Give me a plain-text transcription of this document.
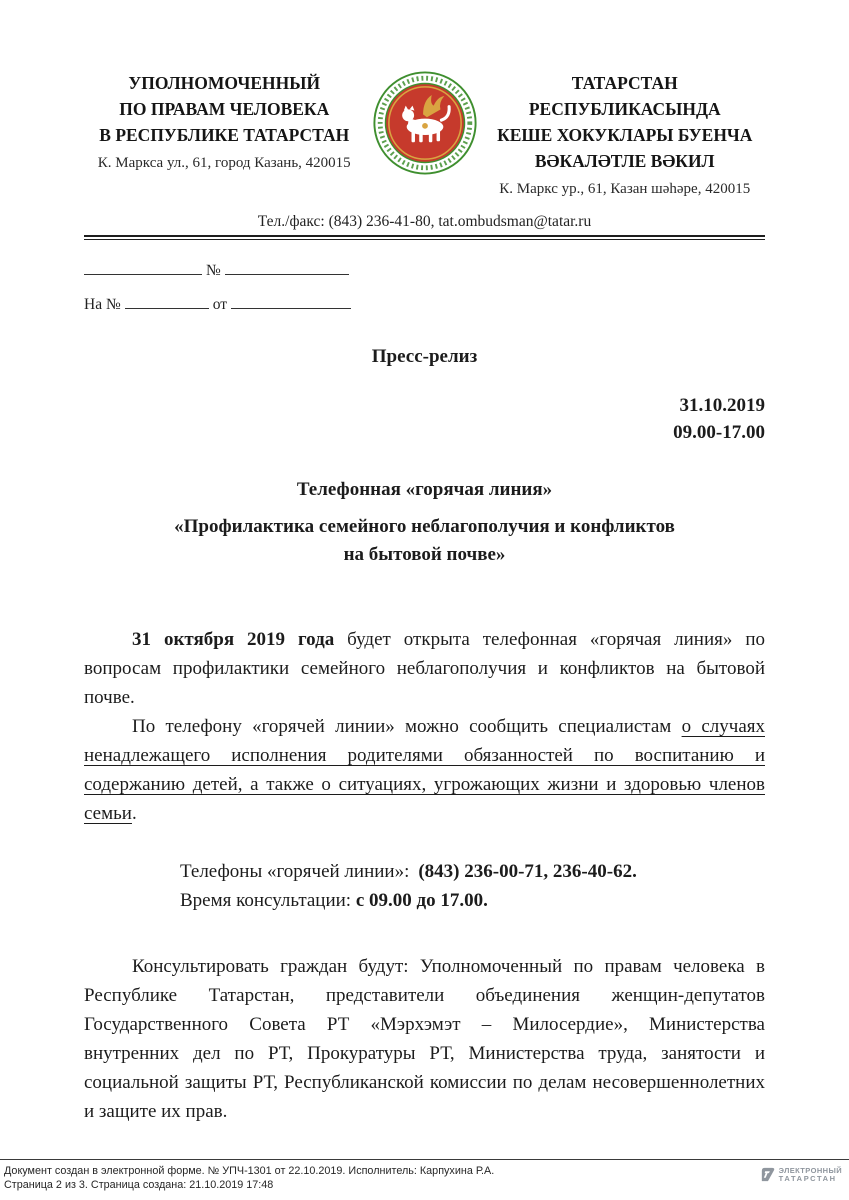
УПОЛНОМОЧЕННЫЙ
ПО ПРАВАМ ЧЕЛОВЕКА
В РЕСПУБЛИКЕ ТАТАРСТАН
К. Маркса ул., 61, город Казань, 420015
ТАТАРСТАН РЕСПУБЛИКАСЫНДА
КЕШЕ ХОКУКЛАРЫ БУЕНЧА
ВӘКАЛӘТЛЕ ВӘКИЛ
К. Маркс ур., 61, Казан шәһәре, 420015
Тел./факс: (843) 236-41-80, tat.ombudsman@tatar.ru
№
На №	от
Пресс-релиз
31.10.2019
09.00-17.00
Телефонная «горячая линия»
«Профилактика семейного неблагополучия и конфликтов
на бытовой почве»

31 октября 2019 года будет открыта телефонная «горячая линия» по вопросам профилактики семейного неблагополучия и конфликтов на бытовой почве.

По телефону «горячей линии» можно сообщить специалистам о случаях ненадлежащего исполнения родителями обязанностей по воспитанию и содержанию детей, а также о ситуациях, угрожающих жизни и здоровью членов семьи.

Телефоны «горячей линии»: (843) 236-00-71, 236-40-62.

Время консультации: с 09.00 до 17.00.

Консультировать граждан будут: Уполномоченный по правам человека в Республике Татарстан, представители объединения женщин-депутатов Государственного Совета РТ «Мэрхэмэт – Милосердие», Министерства внутренних дел по РТ, Прокуратуры РТ, Министерства труда, занятости и социальной защиты РТ, Республиканской комиссии по делам несовершеннолетних и защите их прав.

Документ создан в электронной форме. № УПЧ-1301 от 22.10.2019. Исполнитель: Карпухина Р.А.
Страница 2 из 3. Страница создана: 21.10.2019 17:48
ЭЛЕКТРОННЫЙ
ТАТАРСТАН
